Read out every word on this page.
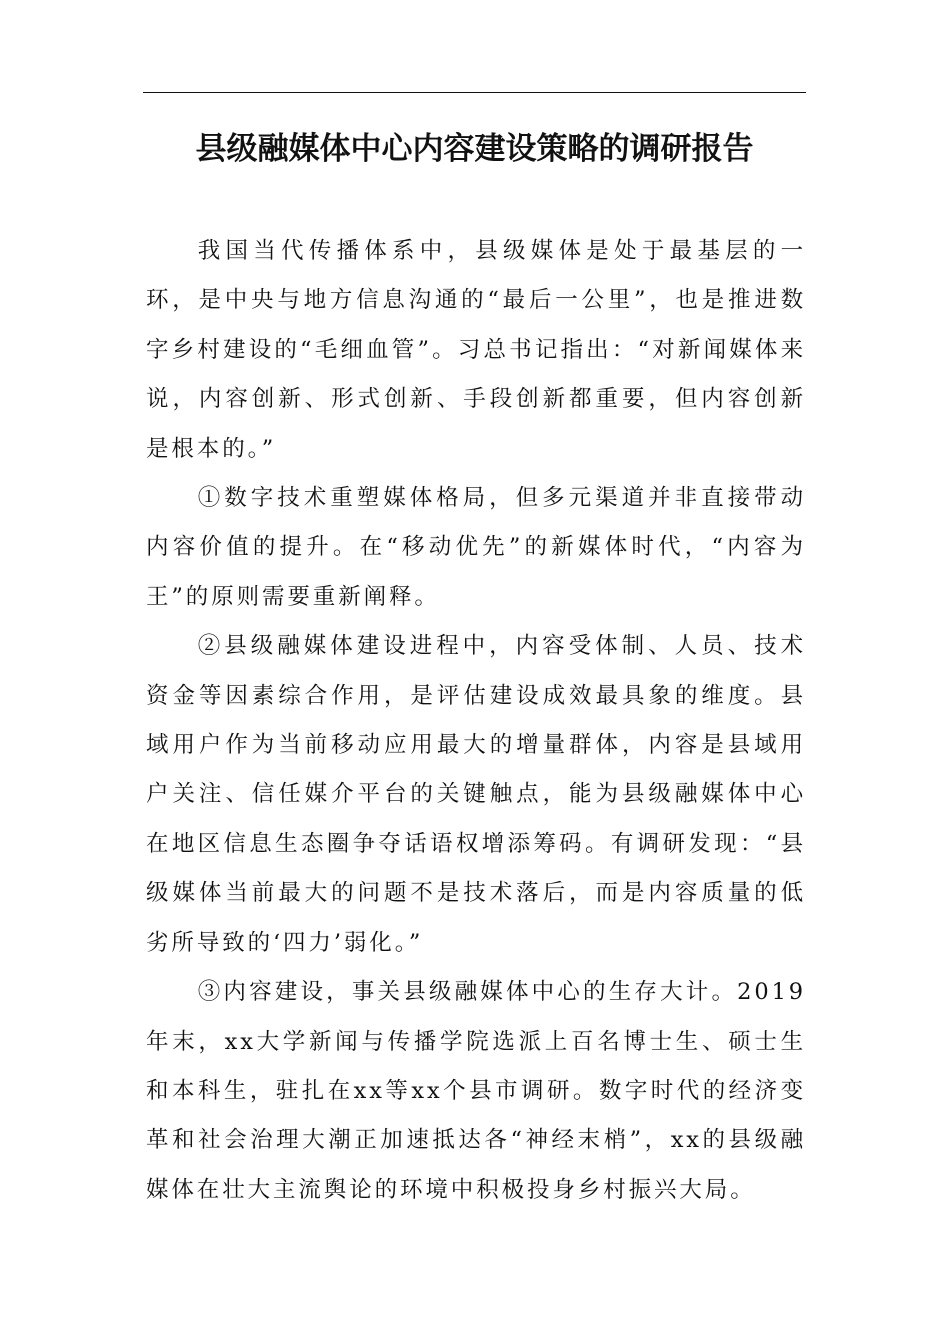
县级融媒体中心内容建设策略的调研报告

我国当代传播体系中，县级媒体是处于最基层的一环，是中央与地方信息沟通的“最后一公里”，也是推进数字乡村建设的“毛细血管”。习总书记指出：“对新闻媒体来说，内容创新、形式创新、手段创新都重要，但内容创新是根本的。”

①数字技术重塑媒体格局，但多元渠道并非直接带动内容价值的提升。在“移动优先”的新媒体时代，“内容为王”的原则需要重新阐释。

②县级融媒体建设进程中，内容受体制、人员、技术资金等因素综合作用，是评估建设成效最具象的维度。县域用户作为当前移动应用最大的增量群体，内容是县域用户关注、信任媒介平台的关键触点，能为县级融媒体中心在地区信息生态圈争夺话语权增添筹码。有调研发现：“县级媒体当前最大的问题不是技术落后，而是内容质量的低劣所导致的‘四力’弱化。”

③内容建设，事关县级融媒体中心的生存大计。2019年末，xx大学新闻与传播学院选派上百名博士生、硕士生和本科生，驻扎在xx等xx个县市调研。数字时代的经济变革和社会治理大潮正加速抵达各“神经末梢”，xx的县级融媒体在壮大主流舆论的环境中积极投身乡村振兴大局。
